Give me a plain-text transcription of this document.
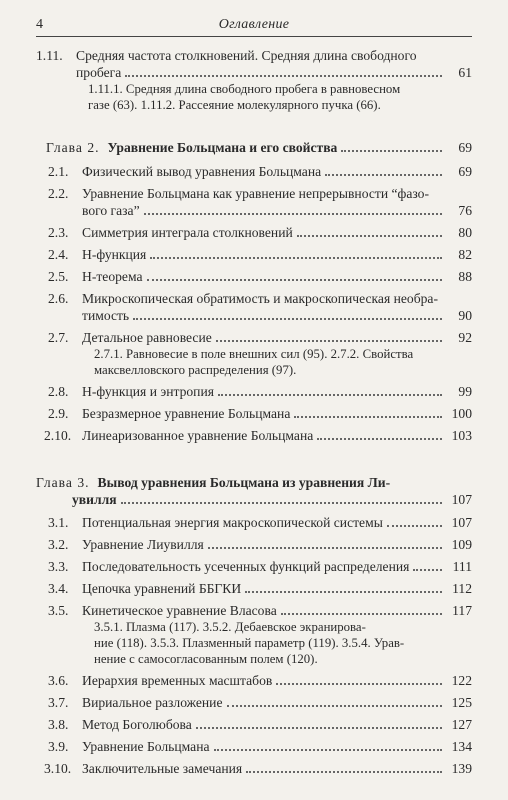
4	Оглавление
1.11. Средняя частота столкновений. Средняя длина свободного
пробега	61
1.11.1. Средняя длина свободного пробега в равновесном
газе (63). 1.11.2. Рассеяние молекулярного пучка (66).
Глава 2. Уравнение Больцмана и его свойства	69
2.1.	Физический вывод уравнения Больцмана	69
2.2.	Уравнение Больцмана как уравнение непрерывности “фазо-
вого газа”	76
2.3.	Симметрия интеграла столкновений	80
2.4.	H-функция	82
2.5.	H-теорема	88
2.6.	Микроскопическая обратимость и макроскопическая необра-
тимость	90
2.7.	Детальное равновесие	92
2.7.1. Равновесие в поле внешних сил (95). 2.7.2. Свойства
максвелловского распределения (97).
2.8.	H-функция и энтропия	99
2.9.	Безразмерное уравнение Больцмана	100
2.10. Линеаризованное уравнение Больцмана	103
Глава 3. Вывод уравнения Больцмана из уравнения Ли-
увилля	107
3.1.	Потенциальная энергия макроскопической системы	107
3.2.	Уравнение Лиувилля	109
3.3.	Последовательность усеченных функций распределения	111
3.4.	Цепочка уравнений ББГКИ	112
3.5.	Кинетическое уравнение Власова	117
3.5.1. Плазма (117). 3.5.2. Дебаевское экранирова-
ние (118). 3.5.3. Плазменный параметр (119). 3.5.4. Урав-
нение с самосогласованным полем (120).
3.6.	Иерархия временных масштабов	122
3.7.	Вириальное разложение	125
3.8.	Метод Боголюбова	127
3.9.	Уравнение Больцмана	134
3.10. Заключительные замечания	139
